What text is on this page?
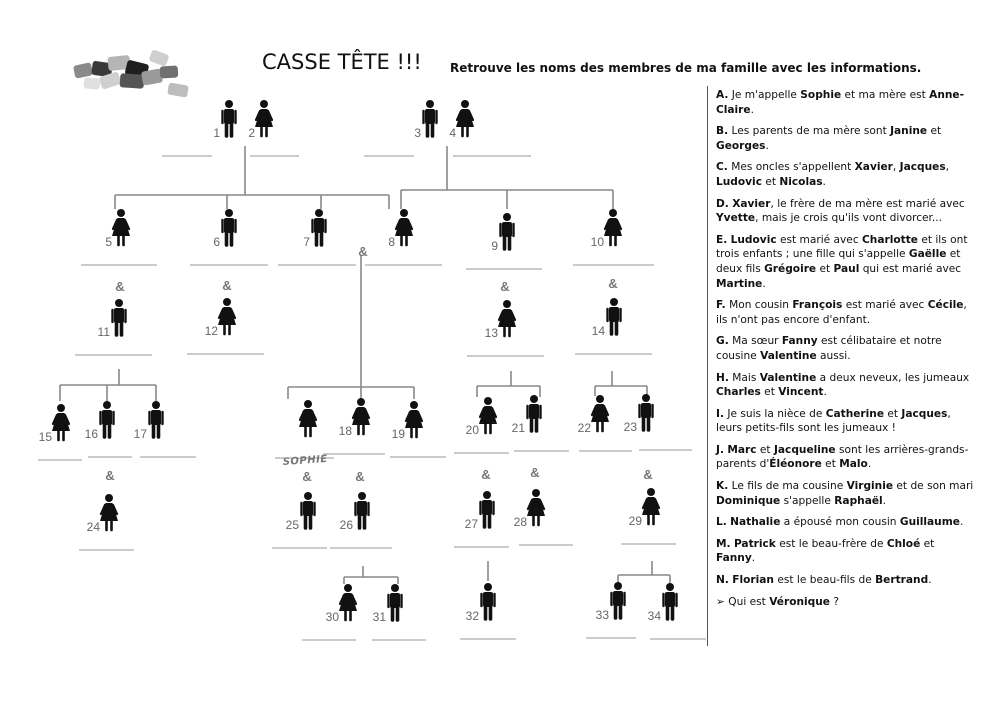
1 2	3 4
5	6	7	8	9	10
11	12	13	14
15	16	17	18	19	20	21	22	23
24	25	26	27	28	29
30	31	32	33	34
SOPHIE
&	&
&
&	&
&	&	&	&	&	&
CASSE TÊTE !!! Retrouve les noms des membres de ma famille avec les informations.
A. Je m'appelle Sophie et ma mère est Anne-Claire.
B. Les parents de ma mère sont Janine et Georges.
C. Mes oncles s'appellent Xavier, Jacques, Ludovic et Nicolas.
D. Xavier, le frère de ma mère est marié avec Yvette, mais je crois qu'ils vont divorcer...
E. Ludovic est marié avec Charlotte et ils ont trois enfants ; une fille qui s'appelle Gaëlle et deux fils Grégoire et Paul qui est marié avec Martine.
F. Mon cousin François est marié avec Cécile, ils n'ont pas encore d'enfant.
G. Ma sœur Fanny est célibataire et notre cousine Valentine aussi.
H. Mais Valentine a deux neveux, les jumeaux Charles et Vincent.
I. Je suis la nièce de Catherine et Jacques, leurs petits-fils sont les jumeaux !
J. Marc et Jacqueline sont les arrières-grands-parents d'Éléonore et Malo.
K. Le fils de ma cousine Virginie et de son mari Dominique s'appelle Raphaël.
L. Nathalie a épousé mon cousin Guillaume.
M. Patrick est le beau-frère de Chloé et Fanny.
N. Florian est le beau-fils de Bertrand.
➢ Qui est Véronique ?
